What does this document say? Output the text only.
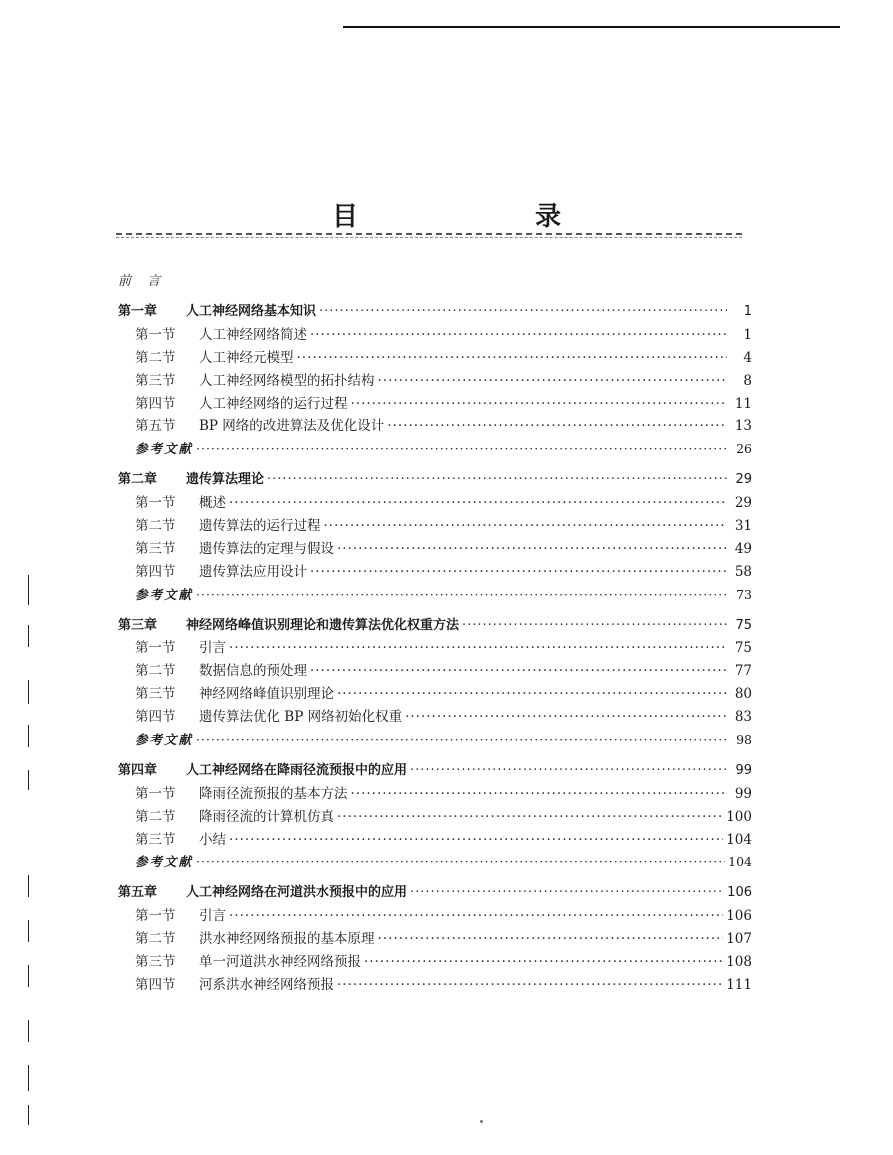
目 录
前 言
第一章	人工神经网络基本知识 ·····	1
第一节	人工神经网络简述 ·····	1
第二节	人工神经元模型 ·····	4
第三节	人工神经网络模型的拓扑结构 ·····	8
第四节	人工神经网络的运行过程 ·····	11
第五节	BP 网络的改进算法及优化设计 ·····	13
参考文献 ·····	26
第二章	遗传算法理论 ·····	29
第一节	概述 ·····	29
第二节	遗传算法的运行过程 ·····	31
第三节	遗传算法的定理与假设 ·····	49
第四节	遗传算法应用设计 ·····	58
参考文献 ·····	73
第三章	神经网络峰值识别理论和遗传算法优化权重方法 ·····	75
第一节	引言 ·····	75
第二节	数据信息的预处理 ·····	77
第三节	神经网络峰值识别理论 ·····	80
第四节	遗传算法优化 BP 网络初始化权重 ·····	83
参考文献 ·····	98
第四章	人工神经网络在降雨径流预报中的应用 ·····	99
第一节	降雨径流预报的基本方法 ·····	99
第二节	降雨径流的计算机仿真 ·····	100
第三节	小结 ·····	104
参考文献 ·····	104
第五章	人工神经网络在河道洪水预报中的应用 ·····	106
第一节	引言 ·····	106
第二节	洪水神经网络预报的基本原理 ·····	107
第三节	单一河道洪水神经网络预报 ·····	108
第四节	河系洪水神经网络预报 ·····	111
